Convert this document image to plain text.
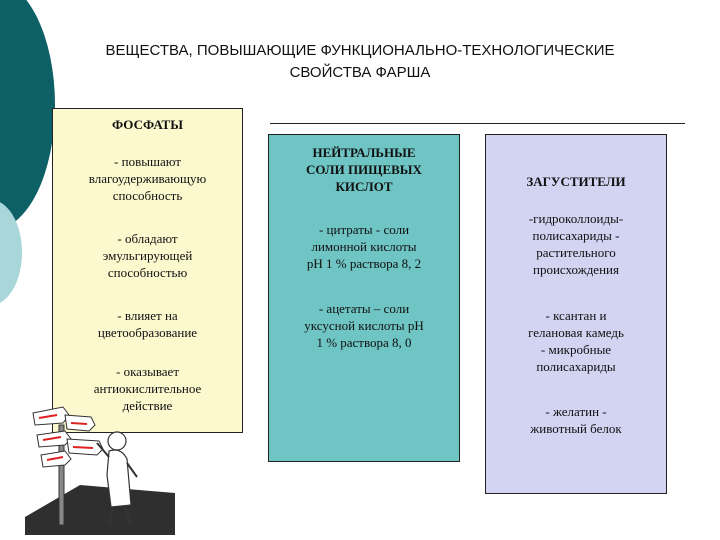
ВЕЩЕСТВА, ПОВЫШАЮЩИЕ ФУНКЦИОНАЛЬНО-ТЕХНОЛОГИЧЕСКИЕ
СВОЙСТВА ФАРША
ФОСФАТЫ
- повышают
влагоудерживающую
способность
- обладают
эмульгирующей
способностью
- влияет на
цветообразование
- оказывает
антиокислительное
действие
НЕЙТРАЛЬНЫЕ
СОЛИ ПИЩЕВЫХ
КИСЛОТ
- цитраты - соли
лимонной кислоты
рН 1 % раствора 8, 2
- ацетаты – соли
уксусной кислоты рН
1 % раствора 8, 0
ЗАГУСТИТЕЛИ
-гидроколлоиды-
полисахариды -
растительного
происхождения
- ксантан и
гелановая камедь
- микробные
полисахариды
- желатин -
животный белок
